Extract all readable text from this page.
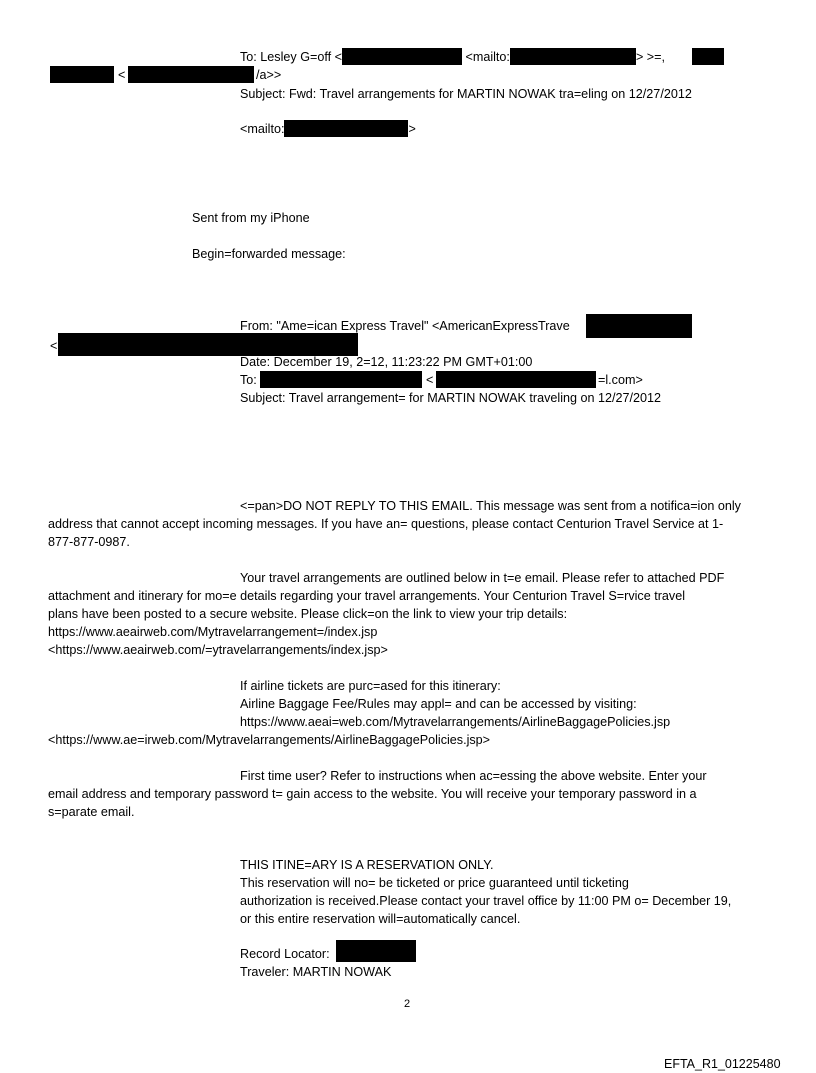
To: Lesley G=off <	<mailto:	> >=,
<	/a>>
Subject: Fwd: Travel arrangements for MARTIN NOWAK tra=eling on 12/27/2012
<mailto:	>
Sent from my iPhone
Begin=forwarded message:
From: "Ame=ican Express Travel" <AmericanExpressTrave
<
Date: December 19, 2=12, 11:23:22 PM GMT+01:00
To:	<	=l.com>
Subject: Travel arrangement= for MARTIN NOWAK traveling on 12/27/2012
<=pan>DO NOT REPLY TO THIS EMAIL. This message was sent from a notifica=ion only
address that cannot accept incoming messages. If you have an= questions, please contact Centurion Travel Service at 1-
877-877-0987.
Your travel arrangements are outlined below in t=e email. Please refer to attached PDF
attachment and itinerary for mo=e details regarding your travel arrangements. Your Centurion Travel S=rvice travel
plans have been posted to a secure website. Please click=on the link to view your trip details:
https://www.aeairweb.com/Mytravelarrangement=/index.jsp
<https://www.aeairweb.com/=ytravelarrangements/index.jsp>
If airline tickets are purc=ased for this itinerary:
Airline Baggage Fee/Rules may appl= and can be accessed by visiting:
https://www.aeai=web.com/Mytravelarrangements/AirlineBaggagePolicies.jsp
<https://www.ae=irweb.com/Mytravelarrangements/AirlineBaggagePolicies.jsp>
First time user? Refer to instructions when ac=essing the above website. Enter your
email address and temporary password t= gain access to the website. You will receive your temporary password in a
s=parate email.
THIS ITINE=ARY IS A RESERVATION ONLY.
This reservation will no= be ticketed or price guaranteed until ticketing
authorization is received.Please contact your travel office by 11:00 PM o= December 19,
or this entire reservation will=automatically cancel.
Record Locator:
Traveler: MARTIN NOWAK
2
EFTA_R1_01225480
